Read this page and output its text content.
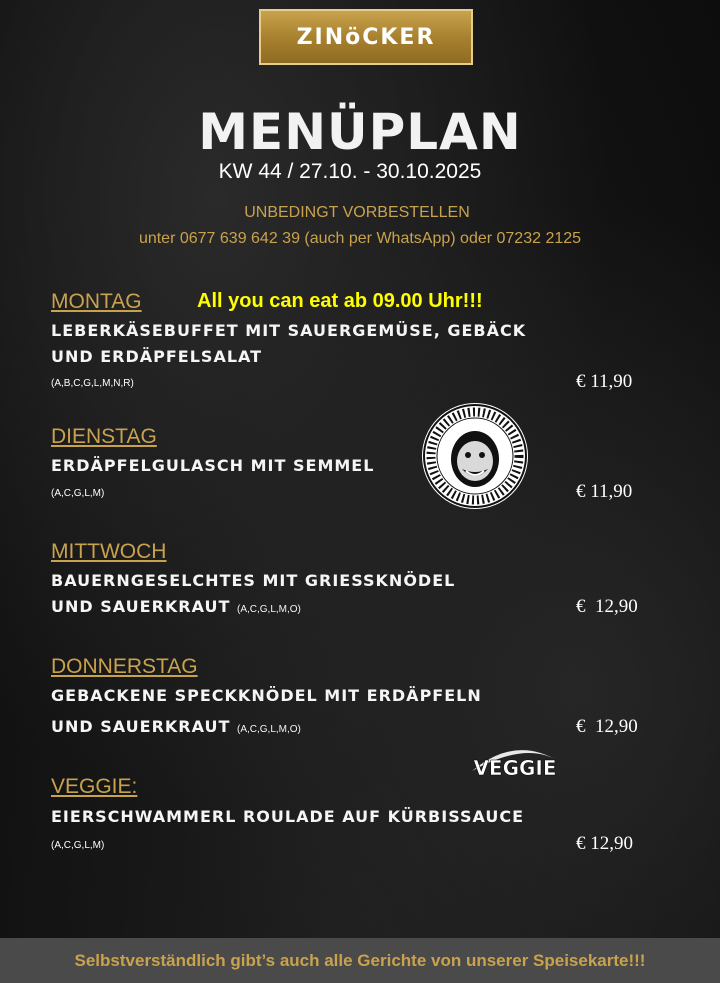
ZINöCKER
MENÜPLAN
KW 44 / 27.10. - 30.10.2025
UNBEDINGT VORBESTELLEN
unter 0677 639 642 39 (auch per WhatsApp) oder 07232 2125
MONTAG	All you can eat ab 09.00 Uhr!!!
LEBERKÄSEBUFFET MIT SAUERGEMÜSE, GEBÄCK
UND ERDÄPFELSALAT
(A,B,C,G,L,M,N,R)	€ 11,90
DIENSTAG
ERDÄPFELGULASCH MIT SEMMEL
(A,C,G,L,M)	€ 11,90
MITTWOCH
BAUERNGESELCHTES MIT GRIESSKNÖDEL
UND SAUERKRAUT (A,C,G,L,M,O)	€  12,90
DONNERSTAG
GEBACKENE SPECKKNÖDEL MIT ERDÄPFELN
UND SAUERKRAUT (A,C,G,L,M,O)	€  12,90
VEGGIE
VEGGIE:
EIERSCHWAMMERL ROULADE AUF KÜRBISSAUCE
(A,C,G,L,M)	€ 12,90
Selbstverständlich gibt’s auch alle Gerichte von unserer Speisekarte!!!
